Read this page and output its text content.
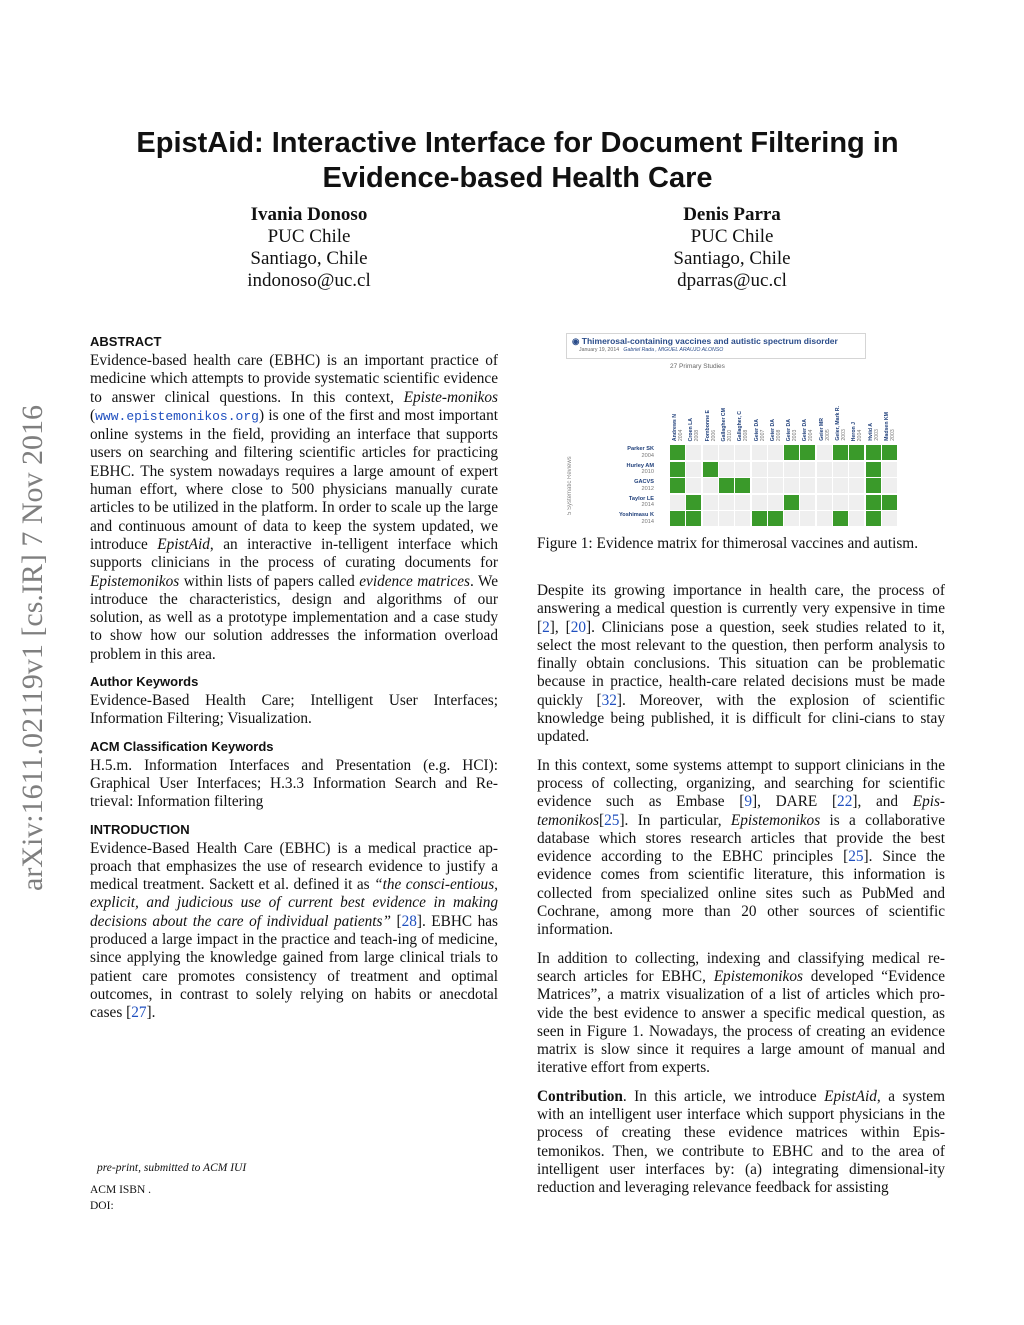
arXiv:1611.02119v1 [cs.IR] 7 Nov 2016
EpistAid: Interactive Interface for Document Filtering in Evidence-based Health Care
Ivania Donoso
PUC Chile
Santiago, Chile
indonoso@uc.cl
Denis Parra
PUC Chile
Santiago, Chile
dparras@uc.cl
ABSTRACT

Evidence-based health care (EBHC) is an important practice of medicine which attempts to provide systematic scientific evidence to answer clinical questions. In this context, Episte-monikos (www.epistemonikos.org) is one of the first and most important online systems in the field, providing an interface that supports users on searching and filtering scientific articles for practicing EBHC. The system nowadays requires a large amount of expert human effort, where close to 500 physicians manually curate articles to be utilized in the platform. In order to scale up the large and continuous amount of data to keep the system updated, we introduce EpistAid, an interactive in-telligent interface which supports clinicians in the process of curating documents for Epistemonikos within lists of papers called evidence matrices. We introduce the characteristics, design and algorithms of our solution, as well as a prototype implementation and a case study to show how our solution addresses the information overload problem in this area.

Author Keywords

Evidence-Based Health Care; Intelligent User Interfaces; Information Filtering; Visualization.

ACM Classification Keywords

H.5.m. Information Interfaces and Presentation (e.g. HCI): Graphical User Interfaces; H.3.3 Information Search and Re-trieval: Information filtering

INTRODUCTION

Evidence-Based Health Care (EBHC) is a medical practice ap-proach that emphasizes the use of research evidence to justify a medical treatment. Sackett et al. defined it as “the consci-entious, explicit, and judicious use of current best evidence in making decisions about the care of individual patients” [28]. EBHC has produced a large impact in the practice and teach-ing of medicine, since applying the knowledge gained from large clinical trials to patient care promotes consistency of treatment and optimal outcomes, in contrast to solely relying on habits or anecdotal cases [27].

pre-print, submitted to ACM IUI
ACM ISBN .
DOI:
◉ Thimerosal-containing vaccines and autistic spectrum disorder
January 19, 2014 Gabriel Rada , MIGUEL ARAUJO ALONSO
27 Primary Studies
5 Systematic Reviews
Andrews N
2004 Croen LA
2008 Fombonne E
2006 Gallagher CM
2010 Gallagher, C
2008 Geier DA
2007 Geier DA
2008 Geier DA
2003 Geier DA
2004 Geier MR
2005 Geier, Mark R.
2003 Heron J
2004 Hviid A
2003 Madsen KM
2003
Parker SK
2004
Hurley AM
2010
GACVS
2012
Taylor LE
2014
Yoshimasu K
2014
Figure 1: Evidence matrix for thimerosal vaccines and autism.

Despite its growing importance in health care, the process of answering a medical question is currently very expensive in time [2], [20]. Clinicians pose a question, seek studies related to it, select the most relevant to the question, then perform analysis to finally obtain conclusions. This situation can be problematic because in practice, health-care related decisions must be made quickly [32]. Moreover, with the explosion of scientific knowledge being published, it is difficult for clini-cians to stay updated.

In this context, some systems attempt to support clinicians in the process of collecting, organizing, and searching for scientific evidence such as Embase [9], DARE [22], and Epis-temonikos[25]. In particular, Epistemonikos is a collaborative database which stores research articles that provide the best evidence according to the EBHC principles [25]. Since the evidence comes from scientific literature, this information is collected from specialized online sites such as PubMed and Cochrane, among more than 20 other sources of scientific information.

In addition to collecting, indexing and classifying medical re-search articles for EBHC, Epistemonikos developed “Evidence Matrices”, a matrix visualization of a list of articles which pro-vide the best evidence to answer a specific medical question, as seen in Figure 1. Nowadays, the process of creating an evidence matrix is slow since it requires a large amount of manual and iterative effort from experts.

Contribution. In this article, we introduce EpistAid, a system with an intelligent user interface which support physicians in the process of creating these evidence matrices within Epis-temonikos. Then, we contribute to EBHC and to the area of intelligent user interfaces by: (a) integrating dimensional-ity reduction and leveraging relevance feedback for assisting
